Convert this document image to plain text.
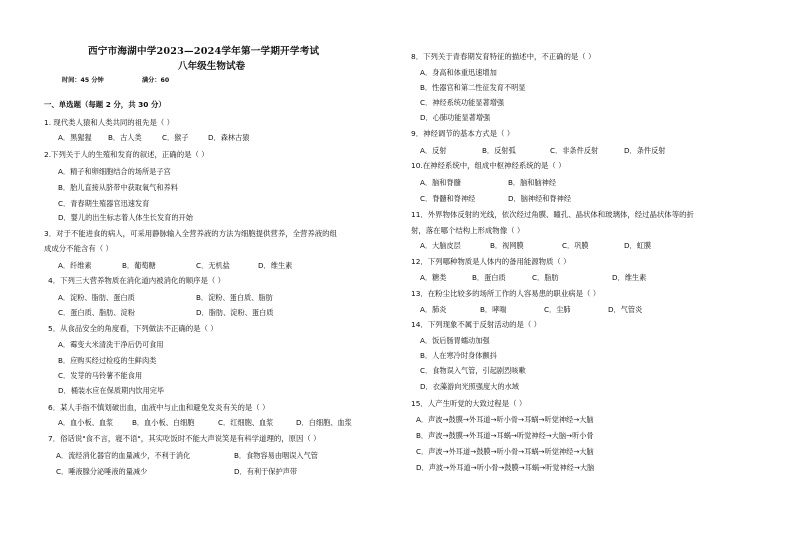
西宁市海湖中学2023—2024学年第一学期开学考试
八年级生物试卷
时间：45 分钟	满分：60
一、单选题（每题 2 分，共 30 分）
1. 现代类人猿和人类共同的祖先是（ ）
A．黑猩猩 B．古人类	C．猴子	D．森林古猿
2.下列关于人的生殖和发育的叙述，正确的是（ ）
A．精子和卵细胞结合的场所是子宫
B．胎儿直接从脐带中获取氧气和养料
C．青春期生殖器官迅速发育
D．婴儿的出生标志着人体生长发育的开始
3．对于不能进食的病人，可采用静脉输入全营养液的方法为细胞提供营养，全营养液的组
成成分不能含有（ ）
A．纤维素	B．葡萄糖	C．无机盐	D．维生素
4．下列三大营养物质在消化道内被消化的顺序是（ ）
A．淀粉、脂肪、蛋白质	B．淀粉、蛋白质、脂肪
C．蛋白质、脂肪、淀粉	D．脂肪、淀粉、蛋白质
5．从食品安全的角度看，下列做法不正确的是（ ）
A．霉变大米清洗干净后仍可食用
B．应购买经过检疫的生鲜肉类
C．发芽的马铃薯不能食用
D．桶装水应在保质期内饮用完毕
6．某人手指不慎划破出血，血液中与止血和避免发炎有关的是（ ）
A．血小板、血浆	B．血小板、白细胞	C．红细胞、血浆	D．白细胞、血浆
7．俗话说"食不言，寝不语"，其实吃饭时不能大声说笑是有科学道理的，原因（ ）
A．流经消化器官的血量减少，不利于消化	B．食物容易由咽误入气管
C．唾液腺分泌唾液的量减少	D．有利于保护声带
8．下列关于青春期发育特征的描述中，不正确的是（ ）
A．身高和体重迅速增加
B．性器官和第二性征发育不明显
C．神经系统功能显著增强
D．心肺功能显著增强
9．神经调节的基本方式是（ ）
A．反射	B．反射弧	C．非条件反射	D．条件反射
10.在神经系统中，组成中枢神经系统的是（ ）
A．脑和脊髓	B．脑和脑神经
C．脊髓和脊神经	D．脑神经和脊神经
11．外界物体反射的光线，依次经过角膜、瞳孔、晶状体和玻璃体，经过晶状体等的折
射，落在哪个结构上形成物像（ ）
A．大脑皮层	B．视网膜	C．巩膜	D．虹膜
12．下列哪种物质是人体内的备用能源物质（ ）
A．糖类	B．蛋白质	C．脂肪	D．维生素
13．在粉尘比较多的场所工作的人容易患的职业病是（ ）
A．肺炎	B．哮喘	C．尘肺	D．气管炎
14．下列现象不属于反射活动的是（ ）
A．饭后肠胃蠕动加强
B．人在寒冷时身体颤抖
C．食物误入气管，引起剧烈咳嗽
D．衣藻游向光照强度大的水域
15．人产生听觉的大致过程是（ ）
A．声波→鼓膜→外耳道→听小骨→耳蜗→听觉神经→大脑
B．声波→鼓膜→外耳道→耳蜗→听觉神经→大脑→听小骨
C．声波→外耳道→鼓膜→听小骨→耳蜗→听觉神经→大脑
D．声波→外耳道→听小骨→鼓膜→耳蜗→听觉神经→大脑
